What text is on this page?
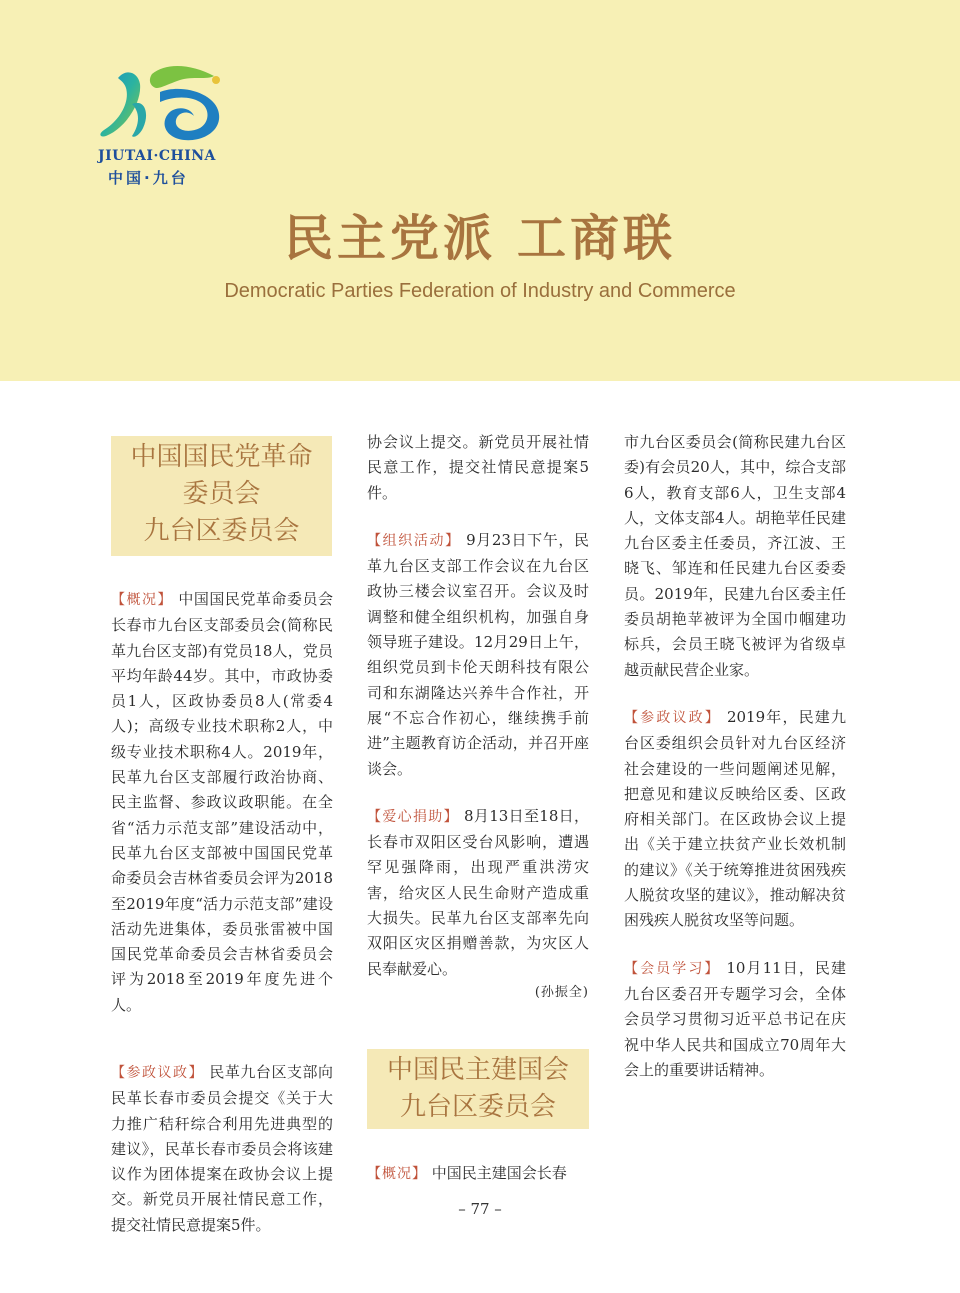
JIUTAI·CHINA
中国·九台
民主党派 工商联
Democratic Parties Federation of Industry and Commerce
中国国民党革命
委员会
九台区委员会

【概况】 中国国民党革命委员会长春市九台区支部委员会(简称民革九台区支部)有党员18人，党员平均年龄44岁。其中，市政协委员1人，区政协委员8人(常委4人)；高级专业技术职称2人，中级专业技术职称4人。2019年，民革九台区支部履行政治协商、民主监督、参政议政职能。在全省“活力示范支部”建设活动中，民革九台区支部被中国国民党革命委员会吉林省委员会评为2018至2019年度“活力示范支部”建设活动先进集体，委员张雷被中国国民党革命委员会吉林省委员会评为2018至2019年度先进个人。

【参政议政】 民革九台区支部向民革长春市委员会提交《关于大力推广秸秆综合利用先进典型的建议》，民革长春市委员会将该建议作为团体提案在政协会议上提交。新党员开展社情民意工作，提交社情民意提案5件。

协会议上提交。新党员开展社情民意工作，提交社情民意提案5件。

【组织活动】 9月23日下午，民革九台区支部工作会议在九台区政协三楼会议室召开。会议及时调整和健全组织机构，加强自身领导班子建设。12月29日上午，组织党员到卡伦天朗科技有限公司和东湖隆达兴养牛合作社，开展“不忘合作初心，继续携手前进”主题教育访企活动，并召开座谈会。

【爱心捐助】 8月13日至18日，长春市双阳区受台风影响，遭遇罕见强降雨，出现严重洪涝灾害，给灾区人民生命财产造成重大损失。民革九台区支部率先向双阳区灾区捐赠善款，为灾区人民奉献爱心。

(孙振全)
中国民主建国会
九台区委员会
【概况】 中国民主建国会长春

市九台区委员会(简称民建九台区委)有会员20人，其中，综合支部6人，教育支部6人，卫生支部4人，文体支部4人。胡艳苹任民建九台区委主任委员，齐江波、王晓飞、邹连和任民建九台区委委员。2019年，民建九台区委主任委员胡艳苹被评为全国巾帼建功标兵，会员王晓飞被评为省级卓越贡献民营企业家。

【参政议政】 2019年，民建九台区委组织会员针对九台区经济社会建设的一些问题阐述见解，把意见和建议反映给区委、区政府相关部门。在区政协会议上提出《关于建立扶贫产业长效机制的建议》《关于统筹推进贫困残疾人脱贫攻坚的建议》，推动解决贫困残疾人脱贫攻坚等问题。

【会员学习】 10月11日，民建九台区委召开专题学习会，全体会员学习贯彻习近平总书记在庆祝中华人民共和国成立70周年大会上的重要讲话精神。

– 77 –
